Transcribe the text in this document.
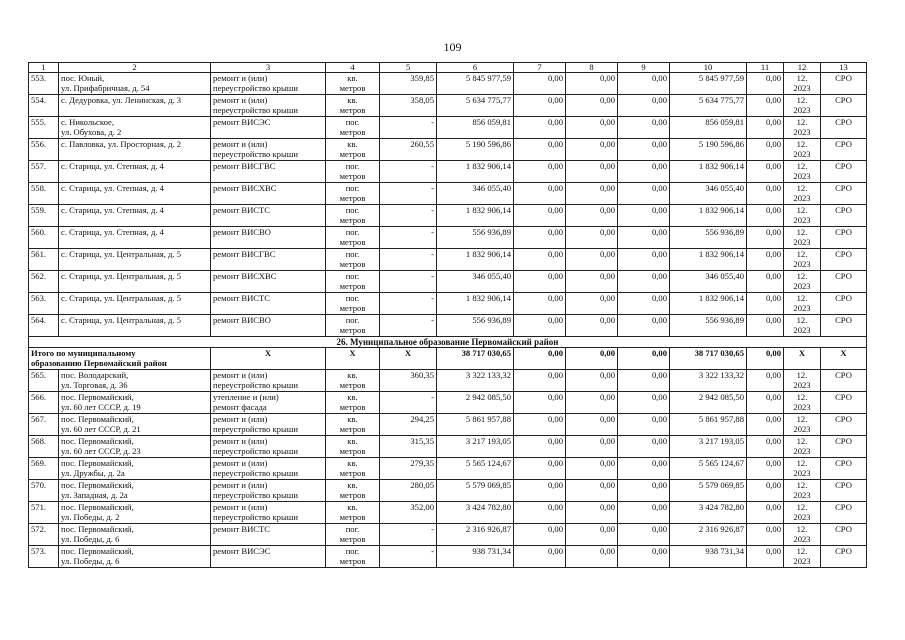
109
1	2	3	4	5	6	7	8	9	10	11	12	13
553.	пос. Юный,
ул. Прифабричная, д. 54	ремонт и (или)
переустройство крыши	кв.
метров	359,85	5 845 977,59	0,00	0,00	0,00	5 845 977,59	0,00	12.
2023	СРО
554.	с. Дедуровка, ул. Ленинская, д. 3	ремонт и (или)
переустройство крыши	кв.
метров	358,05	5 634 775,77	0,00	0,00	0,00	5 634 775,77	0,00	12.
2023	СРО
555.	с. Никольское,
ул. Обухова, д. 2	ремонт ВИСЭС	пог.
метров	-	856 059,81	0,00	0,00	0,00	856 059,81	0,00	12.
2023	СРО
556.	с. Павловка, ул. Просторная, д. 2	ремонт и (или)
переустройство крыши	кв.
метров	260,55	5 190 596,86	0,00	0,00	0,00	5 190 596,86	0,00	12.
2023	СРО
557.	с. Старица, ул. Степная, д. 4	ремонт ВИСГВС	пог.
метров	-	1 832 906,14	0,00	0,00	0,00	1 832 906,14	0,00	12.
2023	СРО
558.	с. Старица, ул. Степная, д. 4	ремонт ВИСХВС	пог.
метров	-	346 055,40	0,00	0,00	0,00	346 055,40	0,00	12.
2023	СРО
559.	с. Старица, ул. Степная, д. 4	ремонт ВИСТС	пог.
метров	-	1 832 906,14	0,00	0,00	0,00	1 832 906,14	0,00	12.
2023	СРО
560.	с. Старица, ул. Степная, д. 4	ремонт ВИСВО	пог.
метров	-	556 936,89	0,00	0,00	0,00	556 936,89	0,00	12.
2023	СРО
561.	с. Старица, ул. Центральная, д. 5	ремонт ВИСГВС	пог.
метров	-	1 832 906,14	0,00	0,00	0,00	1 832 906,14	0,00	12.
2023	СРО
562.	с. Старица, ул. Центральная, д. 5	ремонт ВИСХВС	пог.
метров	-	346 055,40	0,00	0,00	0,00	346 055,40	0,00	12.
2023	СРО
563.	с. Старица, ул. Центральная, д. 5	ремонт ВИСТС	пог.
метров	-	1 832 906,14	0,00	0,00	0,00	1 832 906,14	0,00	12.
2023	СРО
564.	с. Старица, ул. Центральная, д. 5	ремонт ВИСВО	пог.
метров	-	556 936,89	0,00	0,00	0,00	556 936,89	0,00	12.
2023	СРО
26. Муниципальное образование Первомайский район												

Итого по муниципальному
образованию Первомайский район		X	X	X	38 717 030,65	0,00	0,00	0,00	38 717 030,65	0,00	X	X
565.	пос. Володарский,
ул. Торговая, д. 36	ремонт и (или)
переустройство крыши	кв.
метров	360,35	3 322 133,32	0,00	0,00	0,00	3 322 133,32	0,00	12.
2023	СРО
566.	пос. Первомайский,
ул. 60 лет СССР, д. 19	утепление и (или)
ремонт фасада	кв.
метров	-	2 942 085,50	0,00	0,00	0,00	2 942 085,50	0,00	12.
2023	СРО
567.	пос. Первомайский,
ул. 60 лет СССР, д. 21	ремонт и (или)
переустройство крыши	кв.
метров	294,25	5 861 957,88	0,00	0,00	0,00	5 861 957,88	0,00	12.
2023	СРО
568.	пос. Первомайский,
ул. 60 лет СССР, д. 23	ремонт и (или)
переустройство крыши	кв.
метров	315,35	3 217 193,05	0,00	0,00	0,00	3 217 193,05	0,00	12.
2023	СРО
569.	пос. Первомайский,
ул. Дружбы, д. 2а	ремонт и (или)
переустройство крыши	кв.
метров	279,35	5 565 124,67	0,00	0,00	0,00	5 565 124,67	0,00	12.
2023	СРО
570.	пос. Первомайский,
ул. Западная, д. 2а	ремонт и (или)
переустройство крыши	кв.
метров	280,05	5 579 069,85	0,00	0,00	0,00	5 579 069,85	0,00	12.
2023	СРО
571.	пос. Первомайский,
ул. Победы, д. 2	ремонт и (или)
переустройство крыши	кв.
метров	352,00	3 424 782,80	0,00	0,00	0,00	3 424 782,80	0,00	12.
2023	СРО
572.	пос. Первомайский,
ул. Победы, д. 6	ремонт ВИСТС	пог.
метров	-	2 316 926,87	0,00	0,00	0,00	2 316 926,87	0,00	12.
2023	СРО
573.	пос. Первомайский,
ул. Победы, д. 6	ремонт ВИСЭС	пог.
метров	-	938 731,34	0,00	0,00	0,00	938 731,34	0,00	12.
2023	СРО
